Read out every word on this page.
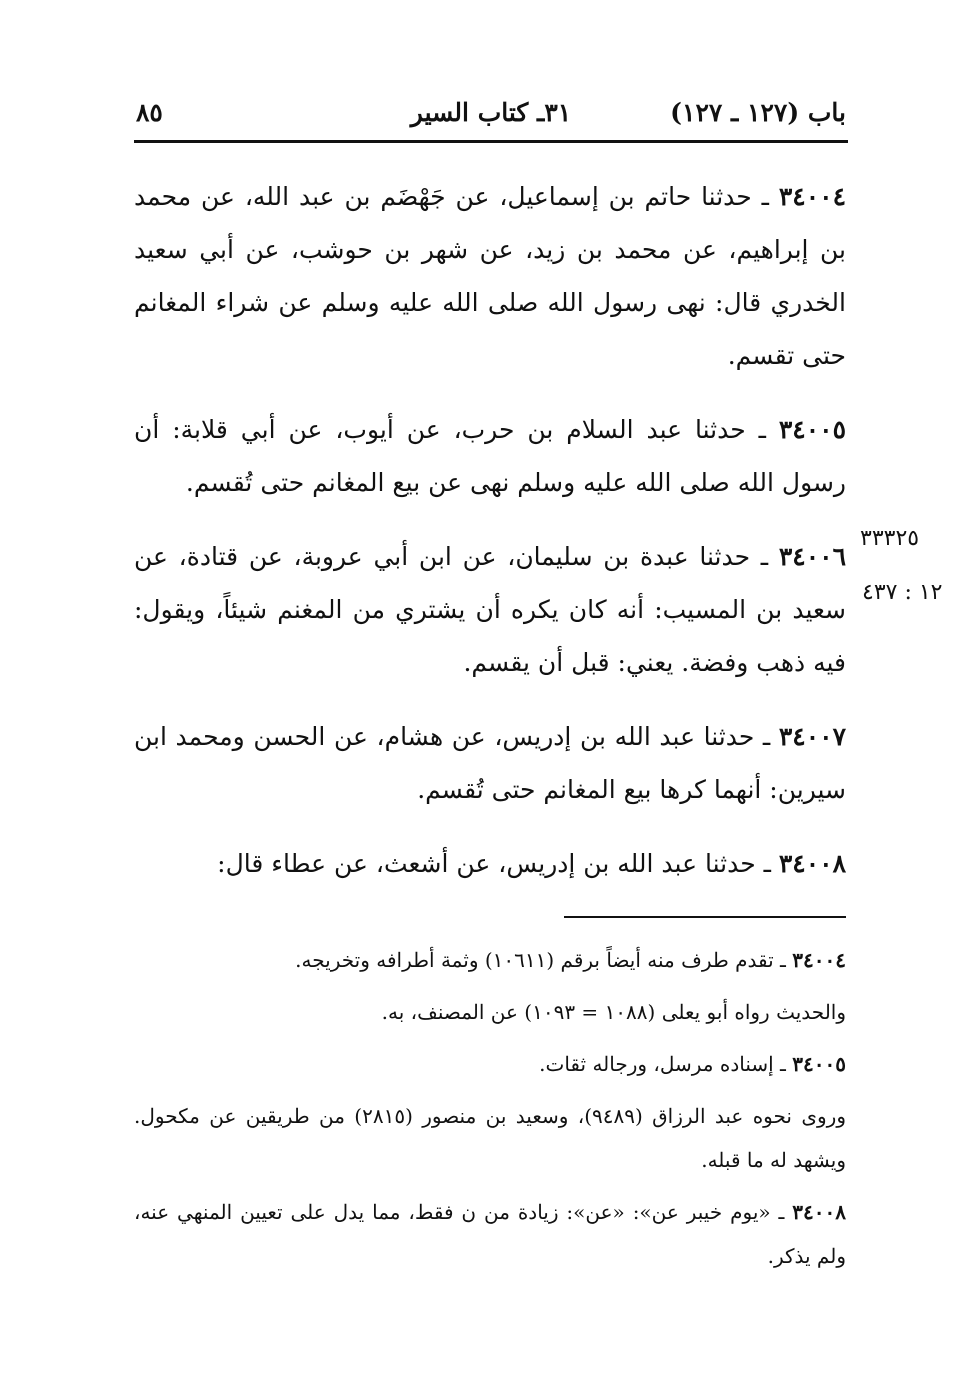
٨٥	٣١ـ كتاب السير	باب (١٢٧ ـ ١٢٧)
٣٣٣٢٥
١٢ : ٤٣٧

٣٤٠٠٤ ـ حدثنا حاتم بن إسماعيل، عن جَهْضَم بن عبد الله، عن محمد بن إبراهيم، عن محمد بن زيد، عن شهر بن حوشب، عن أبي سعيد الخدري قال: نهى رسول الله صلى الله عليه وسلم عن شراء المغانم حتى تقسم.

٣٤٠٠٥ ـ حدثنا عبد السلام بن حرب، عن أيوب، عن أبي قلابة: أن رسول الله صلى الله عليه وسلم نهى عن بيع المغانم حتى تُقسم.

٣٤٠٠٦ ـ حدثنا عبدة بن سليمان، عن ابن أبي عروبة، عن قتادة، عن سعيد بن المسيب: أنه كان يكره أن يشتري من المغنم شيئاً، ويقول: فيه ذهب وفضة. يعني: قبل أن يقسم.

٣٤٠٠٧ ـ حدثنا عبد الله بن إدريس، عن هشام، عن الحسن ومحمد ابن سيرين: أنهما كرها بيع المغانم حتى تُقسم.

٣٤٠٠٨ ـ حدثنا عبد الله بن إدريس، عن أشعث، عن عطاء قال:

٣٤٠٠٤ ـ تقدم طرف منه أيضاً برقم (١٠٦١١) وثمة أطرافه وتخريجه.

والحديث رواه أبو يعلى (١٠٨٨ = ١٠٩٣) عن المصنف، به.

٣٤٠٠٥ ـ إسناده مرسل، ورجاله ثقات.

وروى نحوه عبد الرزاق (٩٤٨٩)، وسعيد بن منصور (٢٨١٥) من طريقين عن مكحول. ويشهد له ما قبله.

٣٤٠٠٨ ـ «يوم خيبر عن»: «عن»: زيادة من ن فقط، مما يدل على تعيين المنهي عنه، ولم يذكر.
